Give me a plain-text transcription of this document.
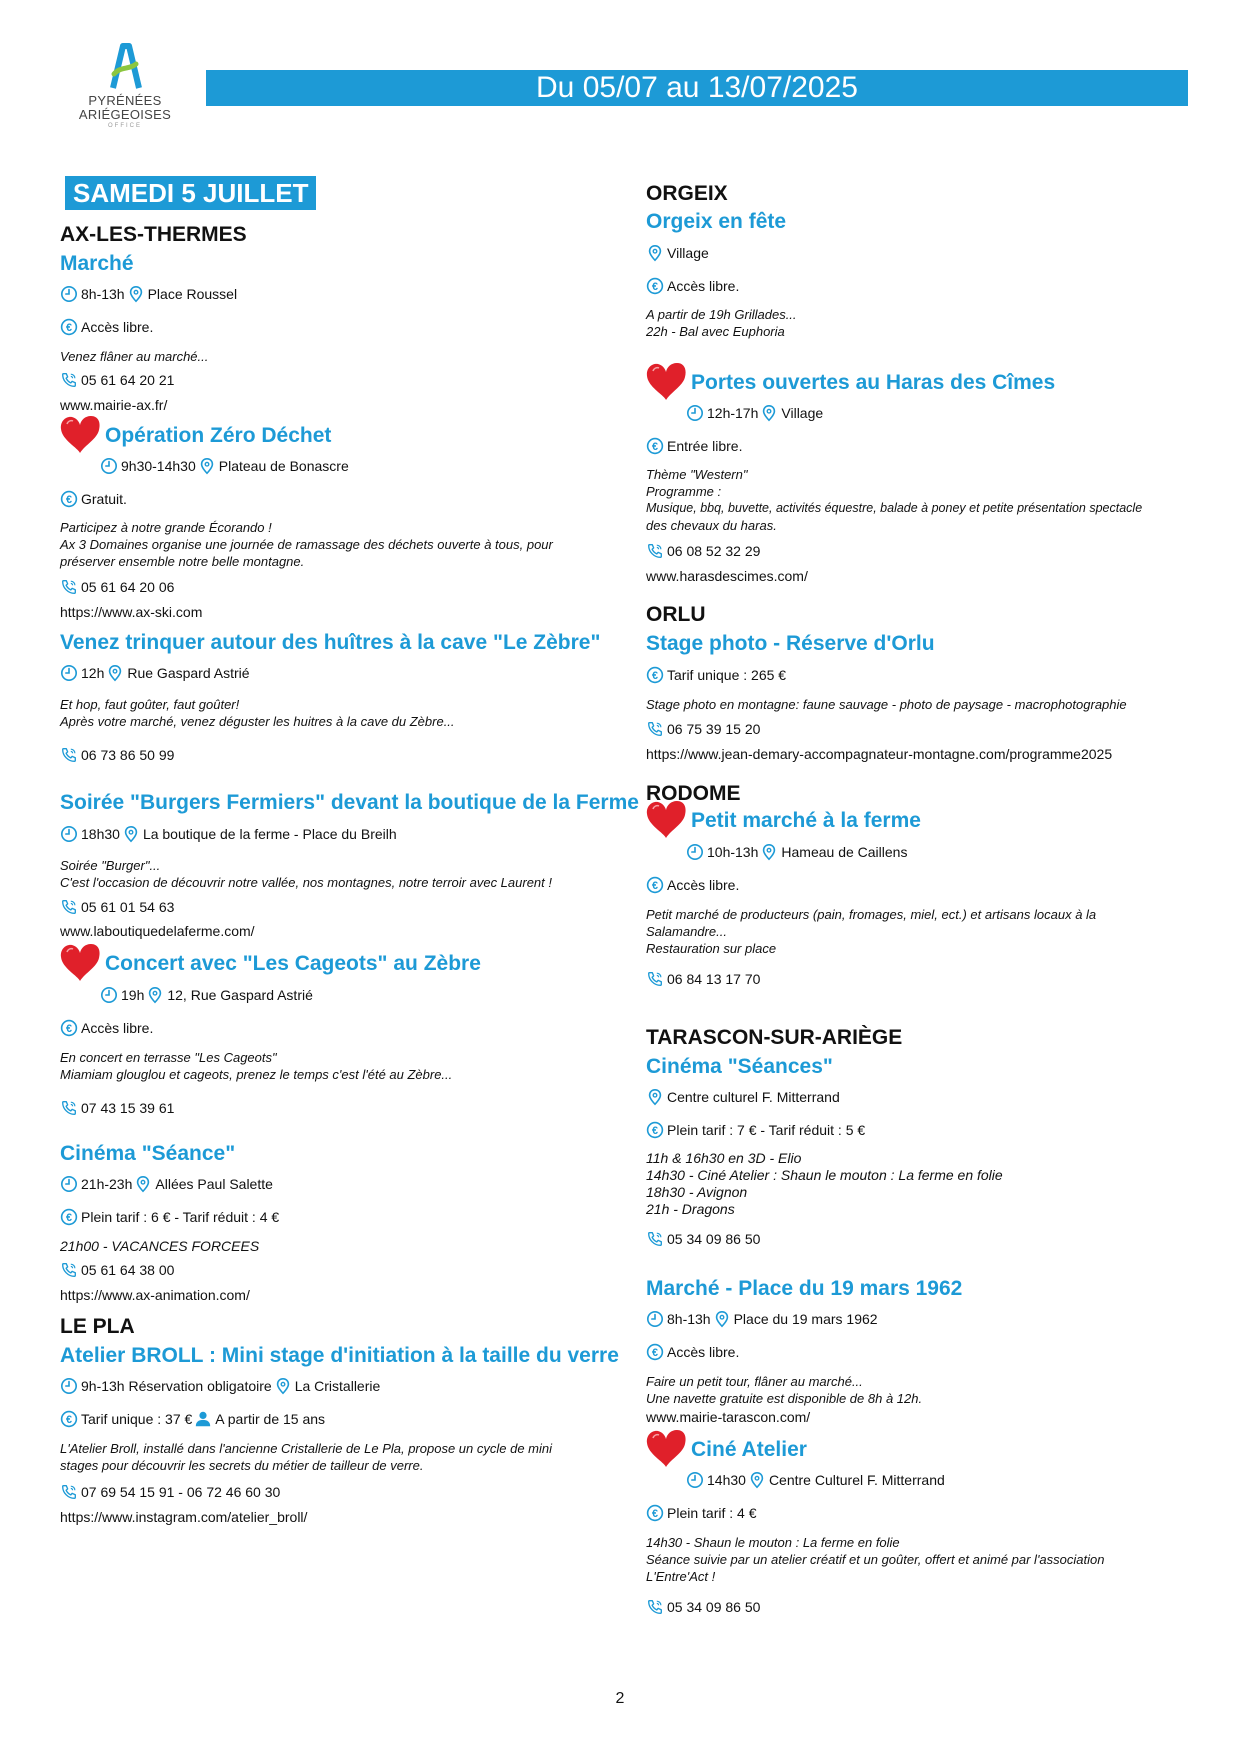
PYRÉNÉES
ARIÉGEOISES
OFFICE
Du 05/07 au 13/07/2025
SAMEDI 5 JUILLET
AX-LES-THERMES
Marché
8h-13h Place Roussel
Accès libre.
Venez flâner au marché...
05 61 64 20 21
www.mairie-ax.fr/
Opération Zéro Déchet
9h30-14h30 Plateau de Bonascre
Gratuit.
Participez à notre grande Écorando !
Ax 3 Domaines organise une journée de ramassage des déchets ouverte à tous, pour
préserver ensemble notre belle montagne.
05 61 64 20 06
https://www.ax-ski.com
Venez trinquer autour des huîtres à la cave "Le Zèbre"
12h Rue Gaspard Astrié
Et hop, faut goûter, faut goûter!
Après votre marché, venez déguster les huitres à la cave du Zèbre...
06 73 86 50 99
Soirée "Burgers Fermiers" devant la boutique de la Ferme
18h30 La boutique de la ferme - Place du Breilh
Soirée "Burger"...
C'est l'occasion de découvrir notre vallée, nos montagnes, notre terroir avec Laurent !
05 61 01 54 63
www.laboutiquedelaferme.com/
Concert avec "Les Cageots" au Zèbre
19h 12, Rue Gaspard Astrié
Accès libre.
En concert en terrasse "Les Cageots"
Miamiam glouglou et cageots, prenez le temps c'est l'été au Zèbre...
07 43 15 39 61
Cinéma "Séance"
21h-23h Allées Paul Salette
Plein tarif : 6 € - Tarif réduit : 4 €
21h00 - VACANCES FORCEES
05 61 64 38 00
https://www.ax-animation.com/
LE PLA
Atelier BROLL : Mini stage d'initiation à la taille du verre
9h-13h Réservation obligatoire La Cristallerie
Tarif unique : 37 € A partir de 15 ans
L'Atelier Broll, installé dans l'ancienne Cristallerie de Le Pla, propose un cycle de mini
stages pour découvrir les secrets du métier de tailleur de verre.
07 69 54 15 91 - 06 72 46 60 30
https://www.instagram.com/atelier_broll/
ORGEIX
Orgeix en fête
Village
Accès libre.
A partir de 19h Grillades...
22h - Bal avec Euphoria
Portes ouvertes au Haras des Cîmes
12h-17h Village
Entrée libre.
Thème "Western"
Programme :
Musique, bbq, buvette, activités équestre, balade à poney et petite présentation spectacle
des chevaux du haras.
06 08 52 32 29
www.harasdescimes.com/
ORLU
Stage photo - Réserve d'Orlu
Tarif unique : 265 €
Stage photo en montagne: faune sauvage - photo de paysage - macrophotographie
06 75 39 15 20
https://www.jean-demary-accompagnateur-montagne.com/programme2025
RODOME
Petit marché à la ferme
10h-13h Hameau de Caillens
Accès libre.
Petit marché de producteurs (pain, fromages, miel, ect.) et artisans locaux à la
Salamandre...
Restauration sur place
06 84 13 17 70
TARASCON-SUR-ARIÈGE
Cinéma "Séances"
Centre culturel F. Mitterrand
Plein tarif : 7 € - Tarif réduit : 5 €
11h & 16h30 en 3D - Elio
14h30 - Ciné Atelier : Shaun le mouton : La ferme en folie
18h30 - Avignon
21h - Dragons
05 34 09 86 50
Marché - Place du 19 mars 1962
8h-13h Place du 19 mars 1962
Accès libre.
Faire un petit tour, flâner au marché...
Une navette gratuite est disponible de 8h à 12h.
www.mairie-tarascon.com/
Ciné Atelier
14h30 Centre Culturel F. Mitterrand
Plein tarif : 4 €
14h30 - Shaun le mouton : La ferme en folie
Séance suivie par un atelier créatif et un goûter, offert et animé par l'association
L'Entre'Act !
05 34 09 86 50
2
